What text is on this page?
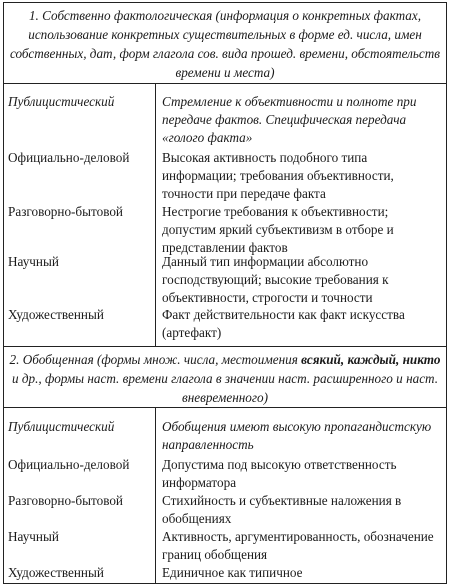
1. Собственно фактологическая (информация о конкретных фактах, использование конкретных существительных в форме ед. числа, имен собственных, дат, форм глагола сов. вида прошед. времени, обстоятельств времени и места)
Публицистический	Стремление к объективности и полноте при передаче фактов. Специфическая передача «голого факта»
Официально-деловой	Высокая активность подобного типа информации; требования объективности, точности при передаче факта
Разговорно-бытовой	Нестрогие требования к объективности; допустим яркий субъективизм в отборе и представлении фактов
Научный	Данный тип информации абсолютно господствующий; высокие требования к объективности, строгости и точности
Художественный	Факт действительности как факт искусства (артефакт)
2. Обобщенная (формы множ. числа, местоимения всякий, каждый, никто и др., формы наст. времени глагола в значении наст. расширенного и наст. вневременного)
Публицистический	Обобщения имеют высокую пропагандистскую направленность
Официально-деловой	Допустима под высокую ответственность информатора
Разговорно-бытовой	Стихийность и субъективные наложения в обобщениях
Научный	Активность, аргументированность, обозначение границ обобщения
Художественный	Единичное как типичное
